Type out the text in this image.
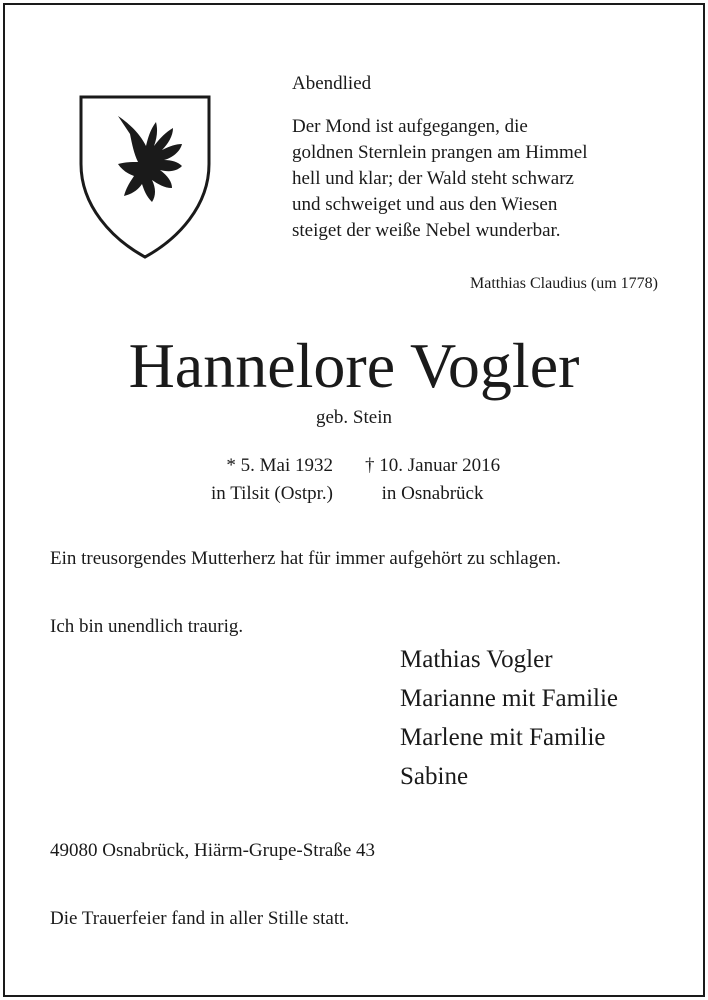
Abendlied
Der Mond ist aufgegangen, die
goldnen Sternlein prangen am Himmel
hell und klar; der Wald steht schwarz
und schweiget und aus den Wiesen
steiget der weiße Nebel wunderbar.
Matthias Claudius (um 1778)
Hannelore Vogler
geb. Stein
* 5. Mai 1932
in Tilsit (Ostpr.)
† 10. Januar 2016
in Osnabrück
Ein treusorgendes Mutterherz hat für immer aufgehört zu schlagen.
Ich bin unendlich traurig.
Mathias Vogler
Marianne mit Familie
Marlene mit Familie
Sabine
49080 Osnabrück, Hiärm-Grupe-Straße 43
Die Trauerfeier fand in aller Stille statt.
